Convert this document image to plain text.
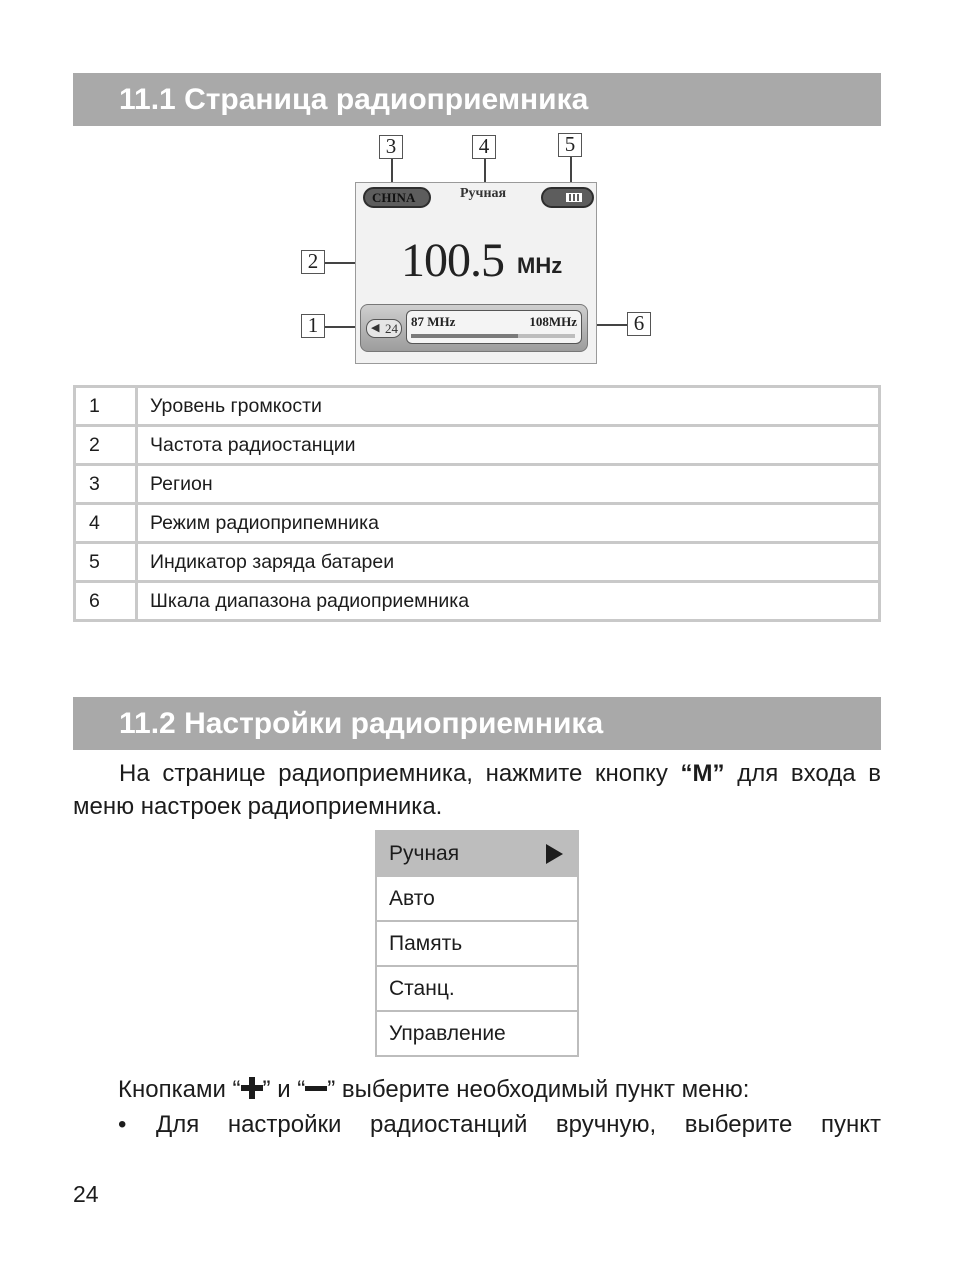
11.1 Страница радиоприемника
3	4	5
2
1	6
CHINA	Ручная
100.5 MHz
◀ 24	87 MHz	108MHz
1	Уровень громкости
2	Частота радиостанции
3	Регион
4	Режим радиоприпемника
5	Индикатор заряда батареи
6	Шкала диапазона радиоприемника
11.2 Настройки радиоприемника
На странице радиоприемника, нажмите кнопку “M” для входа в меню настроек радиоприемника.
Ручная
Авто
Память
Станц.
Управление
Кнопками “ ” и “ ” выберите необходимый пункт меню:
• Для настройки радиостанций вручную, выберите пункт
24
